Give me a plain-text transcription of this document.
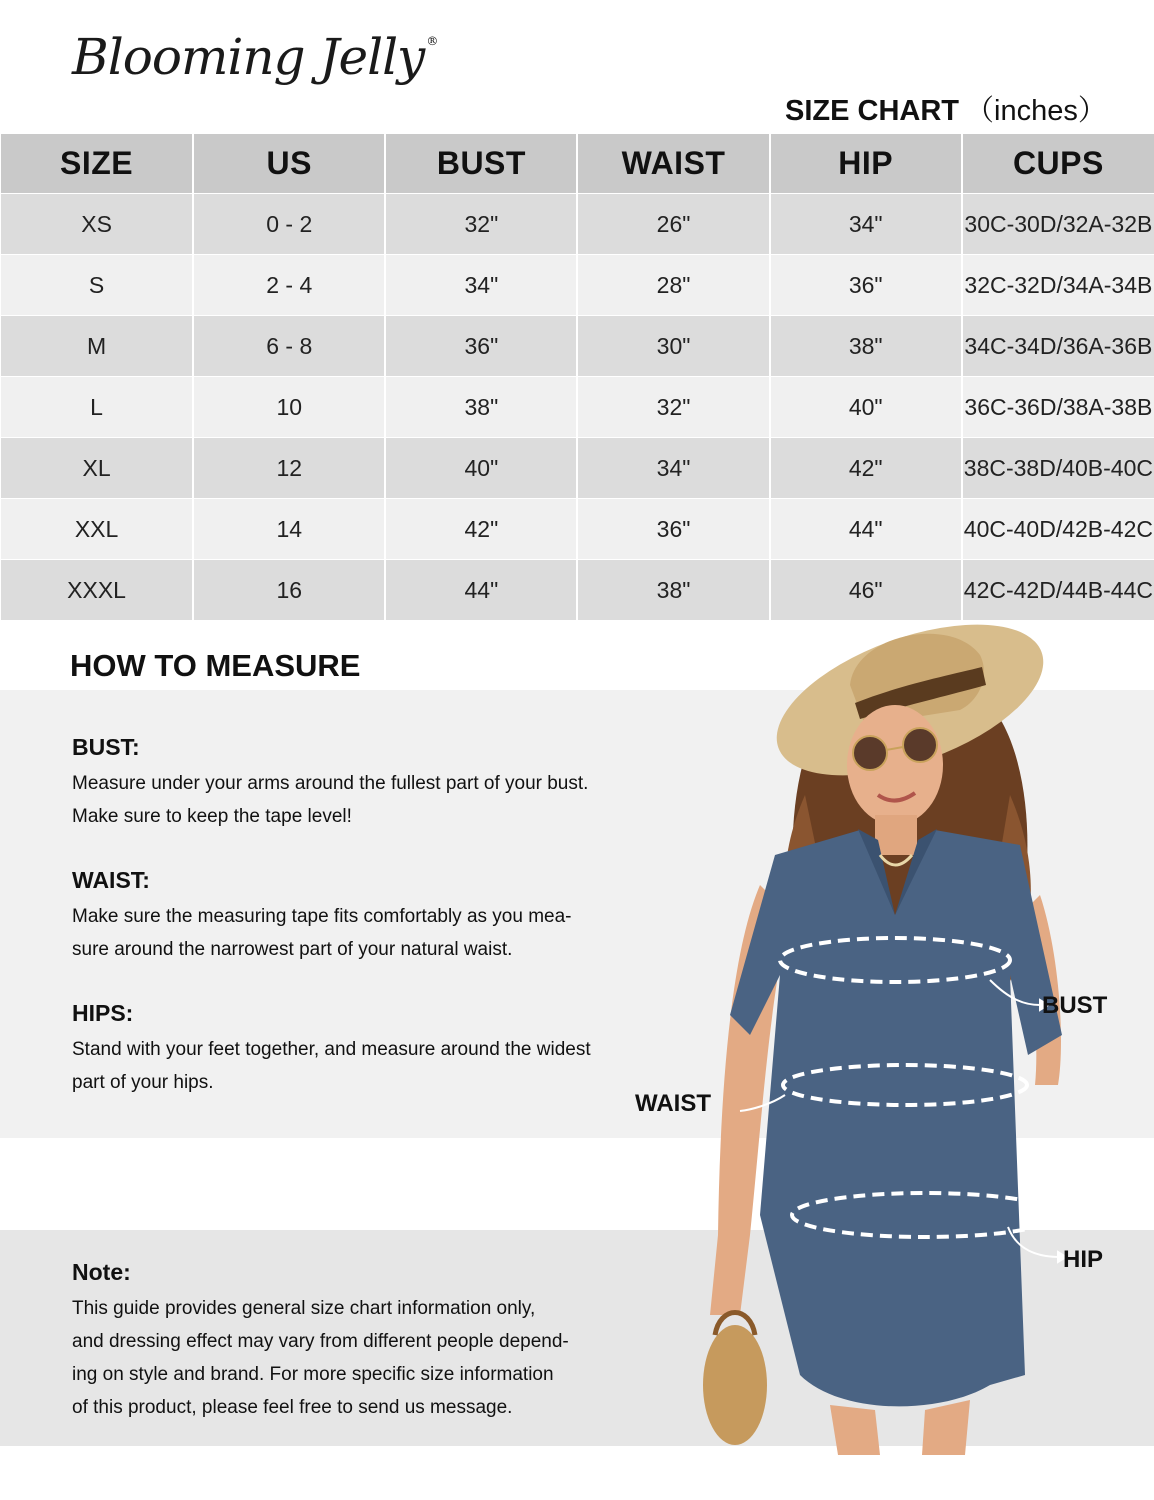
Blooming Jelly ®
SIZE CHART （inches）
SIZE	US	BUST	WAIST	HIP	CUPS
XS	0 - 2	32"	26"	34"	30C-30D/32A-32B
S	2 - 4	34"	28"	36"	32C-32D/34A-34B
M	6 - 8	36"	30"	38"	34C-34D/36A-36B
L	10	38"	32"	40"	36C-36D/38A-38B
XL	12	40"	34"	42"	38C-38D/40B-40C
XXL	14	42"	36"	44"	40C-40D/42B-42C
XXXL	16	44"	38"	46"	42C-42D/44B-44C
HOW TO MEASURE
BUST:
Measure under your arms around the fullest part of your bust.
Make sure to keep the tape level!
WAIST:
Make sure the measuring tape fits comfortably as you mea-
sure around the narrowest part of your natural waist.
HIPS:
Stand with your feet together, and measure around the widest
part of your hips.
Note:
This guide provides general size chart information only,
and dressing effect may vary from different people depend-
ing on style and brand. For more specific size information
of this product, please feel free to send us message.
BUST
WAIST
HIP
